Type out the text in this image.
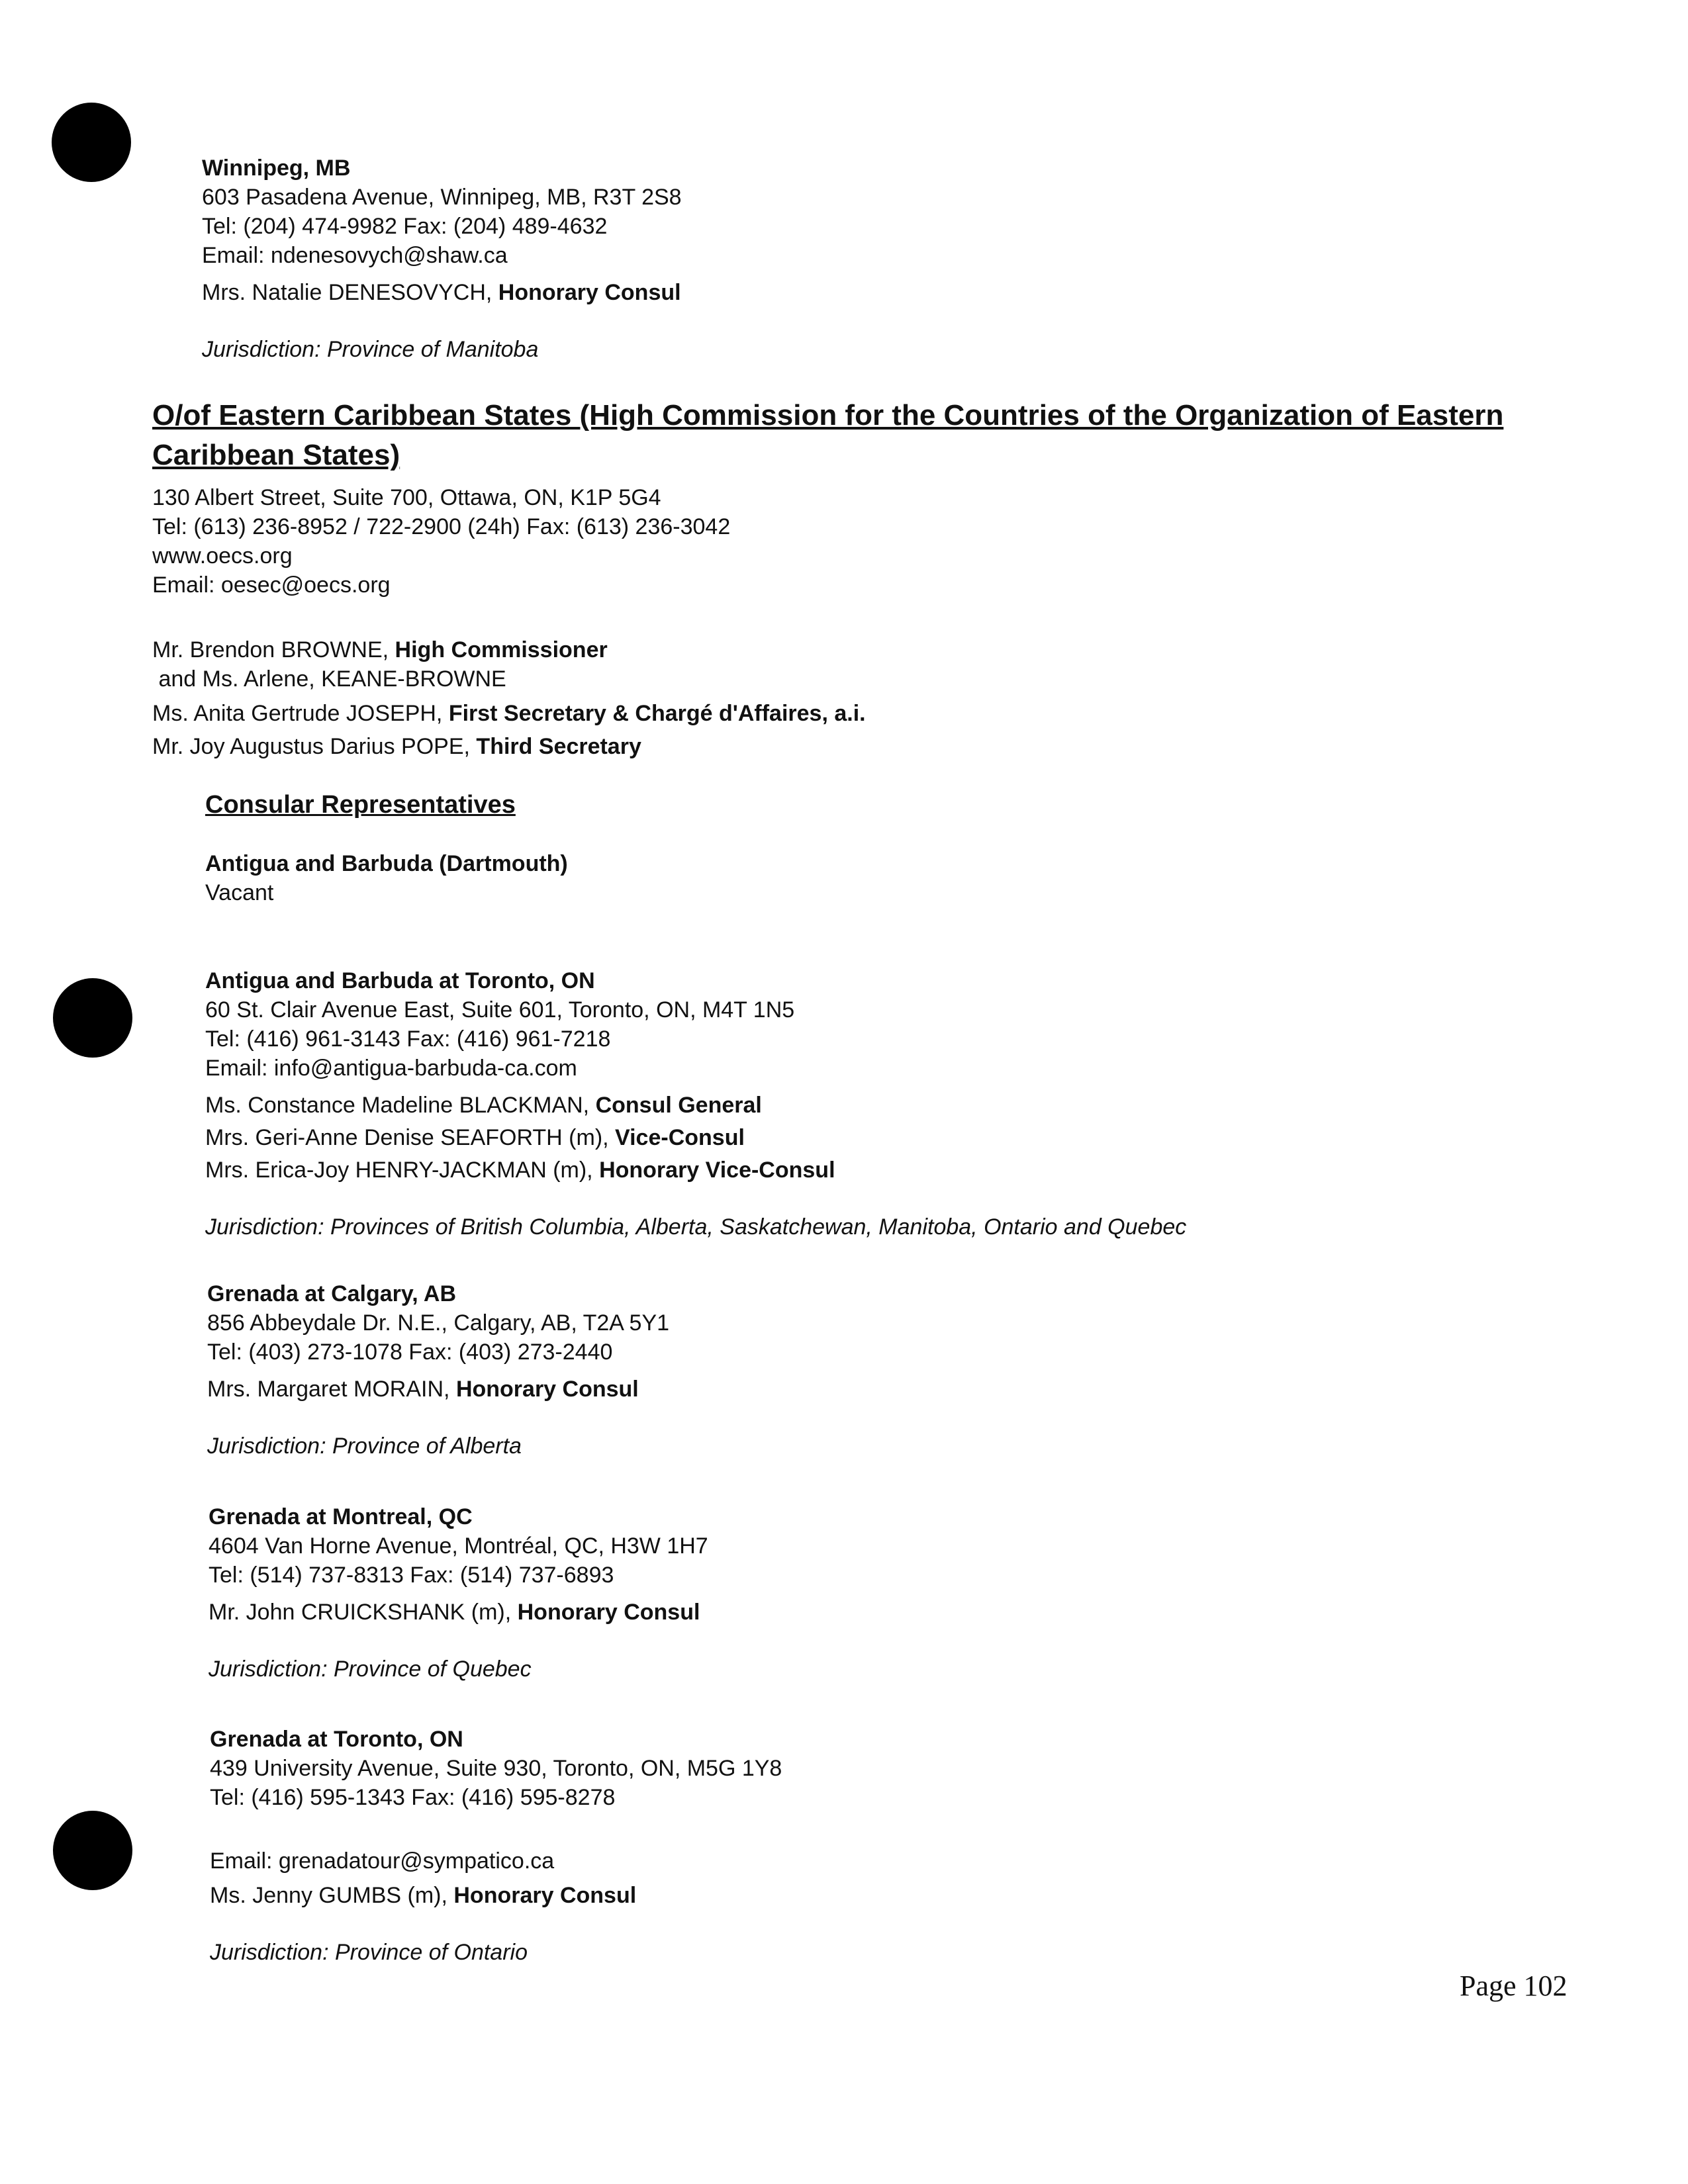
Winnipeg, MB
603 Pasadena Avenue, Winnipeg, MB, R3T 2S8
Tel: (204) 474-9982 Fax: (204) 489-4632
Email: ndenesovych@shaw.ca
Mrs. Natalie DENESOVYCH, Honorary Consul
Jurisdiction: Province of Manitoba
O/of Eastern Caribbean States (High Commission for the Countries of the Organization of Eastern
Caribbean States)
130 Albert Street, Suite 700, Ottawa, ON, K1P 5G4
Tel: (613) 236-8952 / 722-2900 (24h) Fax: (613) 236-3042
www.oecs.org
Email: oesec@oecs.org
Mr. Brendon BROWNE, High Commissioner
and Ms. Arlene, KEANE-BROWNE
Ms. Anita Gertrude JOSEPH, First Secretary & Chargé d'Affaires, a.i.
Mr. Joy Augustus Darius POPE, Third Secretary
Consular Representatives
Antigua and Barbuda (Dartmouth)
Vacant
Antigua and Barbuda at Toronto, ON
60 St. Clair Avenue East, Suite 601, Toronto, ON, M4T 1N5
Tel: (416) 961-3143 Fax: (416) 961-7218
Email: info@antigua-barbuda-ca.com
Ms. Constance Madeline BLACKMAN, Consul General
Mrs. Geri-Anne Denise SEAFORTH (m), Vice-Consul
Mrs. Erica-Joy HENRY-JACKMAN (m), Honorary Vice-Consul
Jurisdiction: Provinces of British Columbia, Alberta, Saskatchewan, Manitoba, Ontario and Quebec
Grenada at Calgary, AB
856 Abbeydale Dr. N.E., Calgary, AB, T2A 5Y1
Tel: (403) 273-1078 Fax: (403) 273-2440
Mrs. Margaret MORAIN, Honorary Consul
Jurisdiction: Province of Alberta
Grenada at Montreal, QC
4604 Van Horne Avenue, Montréal, QC, H3W 1H7
Tel: (514) 737-8313 Fax: (514) 737-6893
Mr. John CRUICKSHANK (m), Honorary Consul
Jurisdiction: Province of Quebec
Grenada at Toronto, ON
439 University Avenue, Suite 930, Toronto, ON, M5G 1Y8
Tel: (416) 595-1343 Fax: (416) 595-8278
Email: grenadatour@sympatico.ca
Ms. Jenny GUMBS (m), Honorary Consul
Jurisdiction: Province of Ontario
Page 102
